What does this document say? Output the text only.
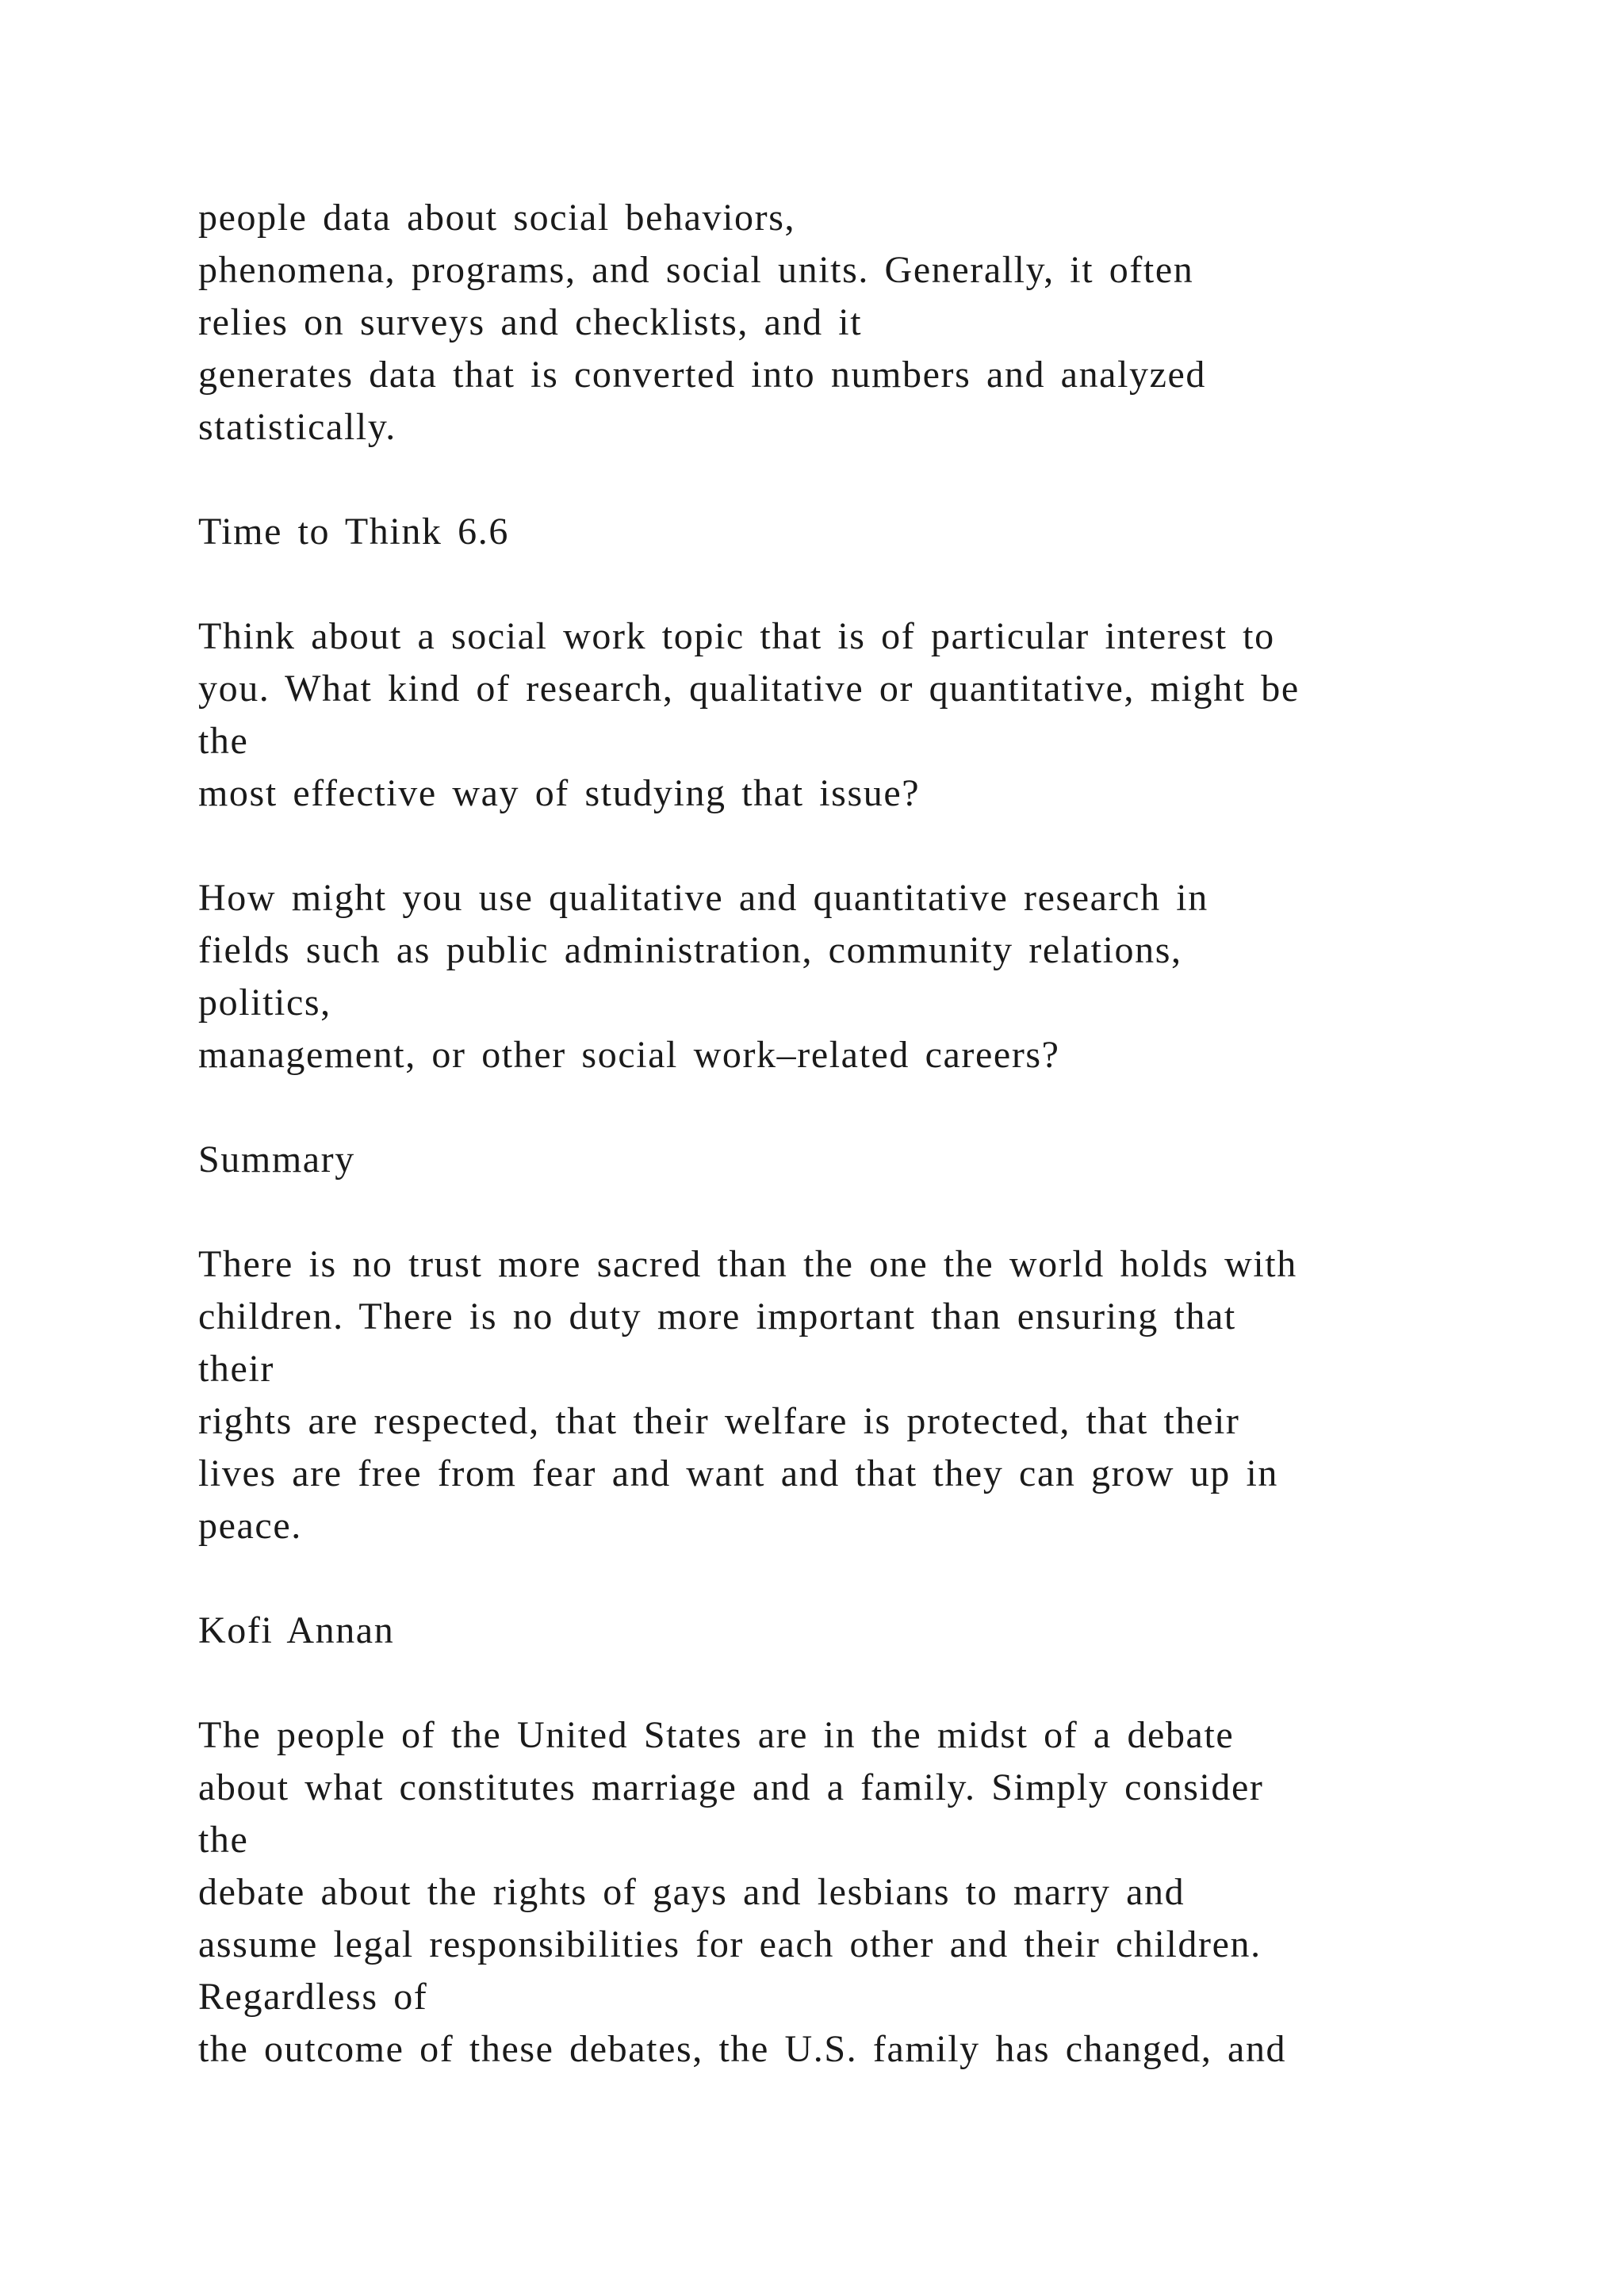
people data about social behaviors,
phenomena, programs, and social units. Generally, it often
relies on surveys and checklists, and it
generates data that is converted into numbers and analyzed
statistically.
Time to Think 6.6
Think about a social work topic that is of particular interest to
you. What kind of research, qualitative or quantitative, might be
the
most effective way of studying that issue?
How might you use qualitative and quantitative research in
fields such as public administration, community relations,
politics,
management, or other social work–related careers?
Summary
There is no trust more sacred than the one the world holds with
children. There is no duty more important than ensuring that
their
rights are respected, that their welfare is protected, that their
lives are free from fear and want and that they can grow up in
peace.
Kofi Annan
The people of the United States are in the midst of a debate
about what constitutes marriage and a family. Simply consider
the
debate about the rights of gays and lesbians to marry and
assume legal responsibilities for each other and their children.
Regardless of
the outcome of these debates, the U.S. family has changed, and
